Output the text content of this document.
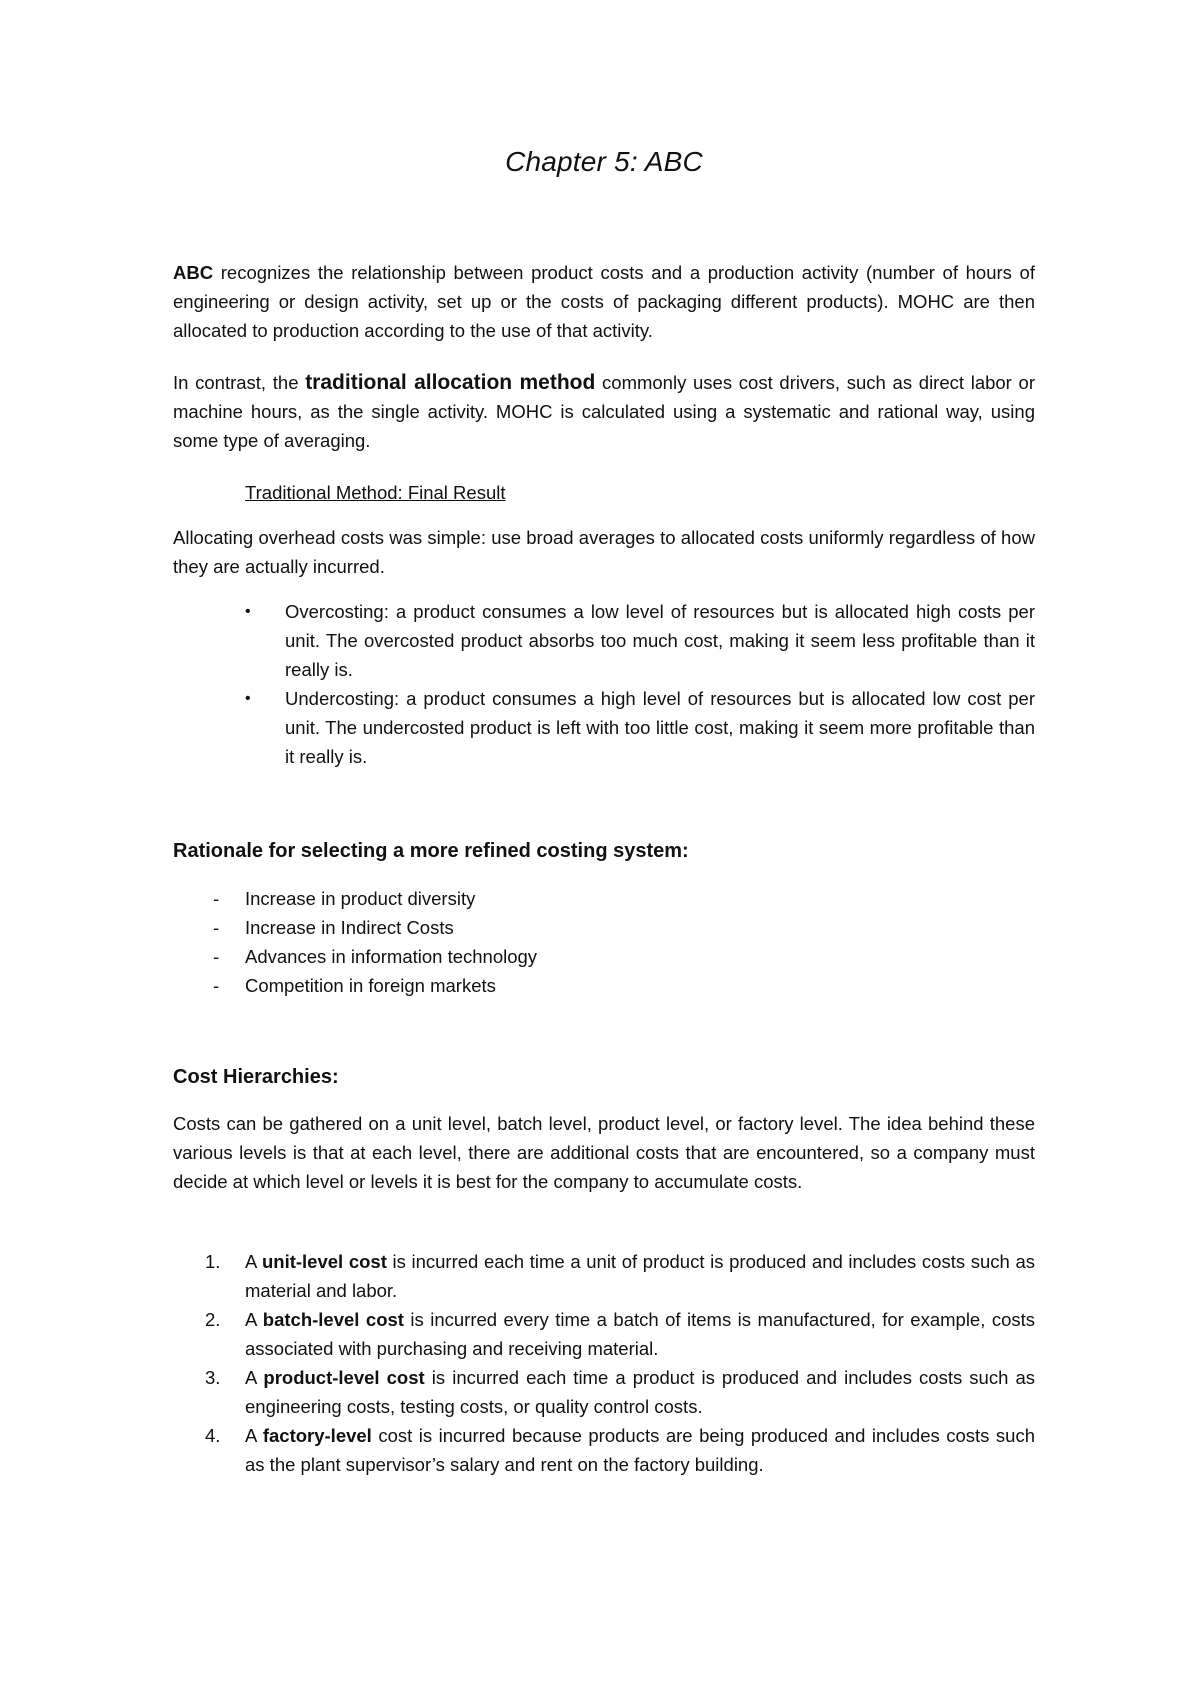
Chapter 5: ABC

ABC recognizes the relationship between product costs and a production activity (number of hours of engineering or design activity, set up or the costs of packaging different products). MOHC are then allocated to production according to the use of that activity.

In contrast, the traditional allocation method commonly uses cost drivers, such as direct labor or machine hours, as the single activity. MOHC is calculated using a systematic and rational way, using some type of averaging.

Traditional Method: Final Result

Allocating overhead costs was simple: use broad averages to allocated costs uniformly regardless of how they are actually incurred.

• Overcosting: a product consumes a low level of resources but is allocated high costs per unit. The overcosted product absorbs too much cost, making it seem less profitable than it really is.
• Undercosting: a product consumes a high level of resources but is allocated low cost per unit. The undercosted product is left with too little cost, making it seem more profitable than it really is.
Rationale for selecting a more refined costing system:
- Increase in product diversity
- Increase in Indirect Costs
- Advances in information technology
- Competition in foreign markets
Cost Hierarchies:

Costs can be gathered on a unit level, batch level, product level, or factory level. The idea behind these various levels is that at each level, there are additional costs that are encountered, so a company must decide at which level or levels it is best for the company to accumulate costs.

1. A unit-level cost is incurred each time a unit of product is produced and includes costs such as material and labor.
2. A batch-level cost is incurred every time a batch of items is manufactured, for example, costs associated with purchasing and receiving material.
3. A product-level cost is incurred each time a product is produced and includes costs such as engineering costs, testing costs, or quality control costs.
4. A factory-level cost is incurred because products are being produced and includes costs such as the plant supervisor’s salary and rent on the factory building.
